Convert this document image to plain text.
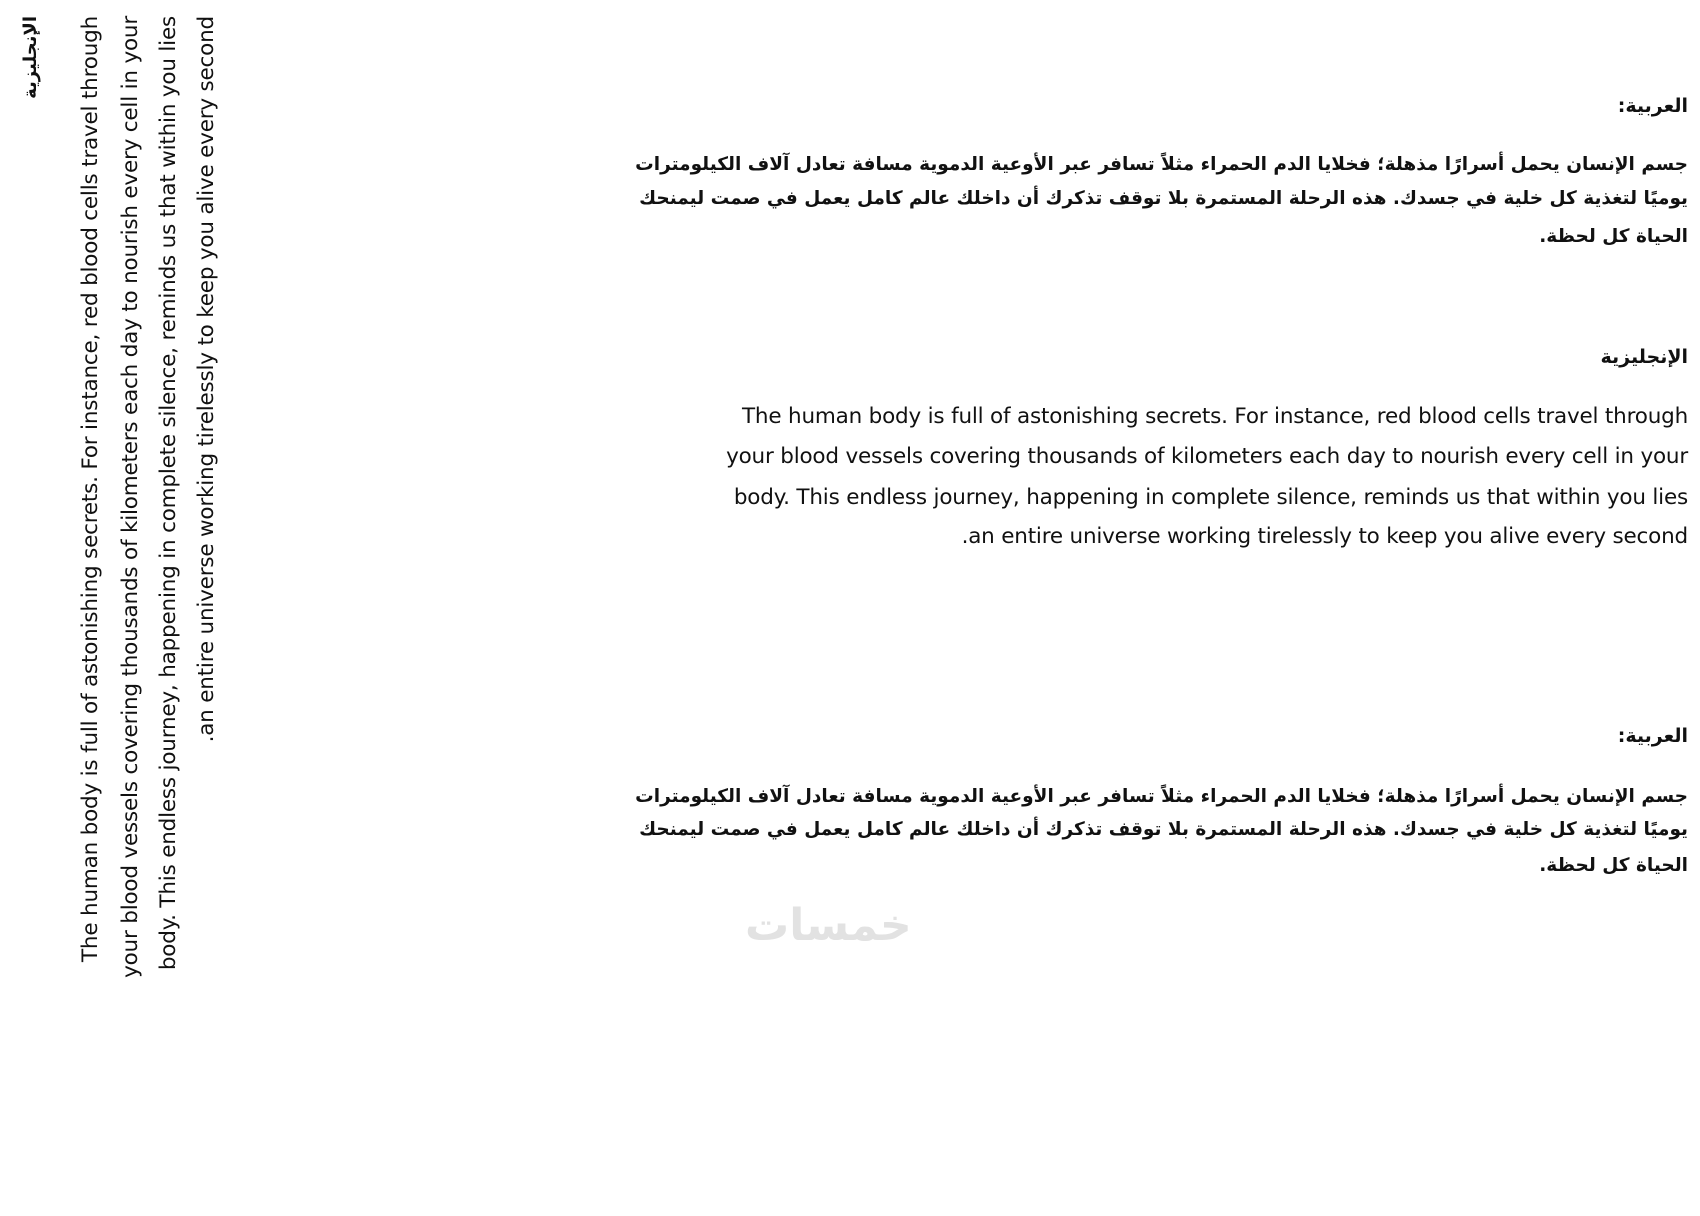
الإنجليزية The human body is full of astonishing secrets. For instance, red blood cells travel through your blood vessels covering thousands of kilometers each day to nourish every cell in your body. This endless journey, happening in complete silence, reminds us that within you lies .an entire universe working tirelessly to keep you alive every second	العربية:
جسم الإنسان يحمل أسرارًا مذهلة؛ فخلايا الدم الحمراء مثلاً تسافر عبر الأوعية الدموية مسافة تعادل آلاف الكيلومترات
يوميًا لتغذية كل خلية في جسدك. هذه الرحلة المستمرة بلا توقف تذكرك أن داخلك عالم كامل يعمل في صمت ليمنحك
الحياة كل لحظة.
الإنجليزية
The human body is full of astonishing secrets. For instance, red blood cells travel through
your blood vessels covering thousands of kilometers each day to nourish every cell in your
body. This endless journey, happening in complete silence, reminds us that within you lies
.an entire universe working tirelessly to keep you alive every second
العربية:
جسم الإنسان يحمل أسرارًا مذهلة؛ فخلايا الدم الحمراء مثلاً تسافر عبر الأوعية الدموية مسافة تعادل آلاف الكيلومترات
يوميًا لتغذية كل خلية في جسدك. هذه الرحلة المستمرة بلا توقف تذكرك أن داخلك عالم كامل يعمل في صمت ليمنحك
الحياة كل لحظة.
خمسات
